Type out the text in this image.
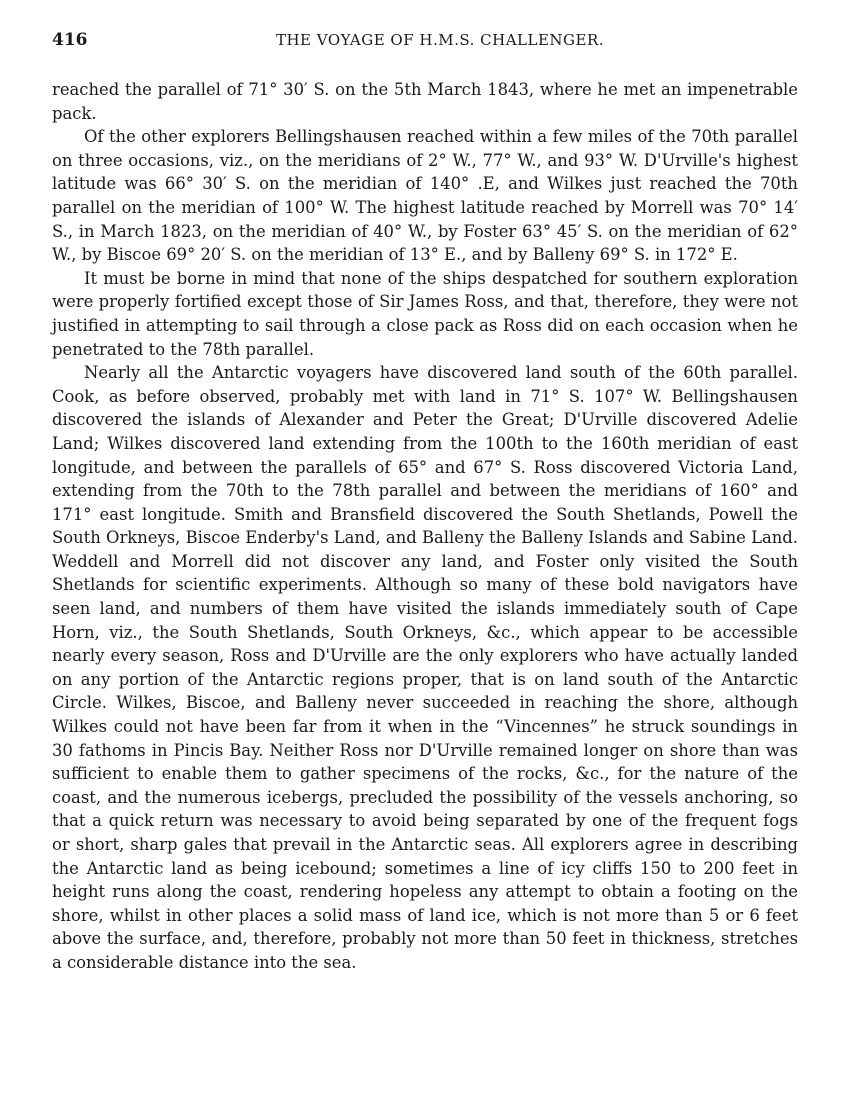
416	THE VOYAGE OF H.M.S. CHALLENGER.

reached the parallel of 71° 30′ S. on the 5th March 1843, where he met an impenetrable pack.

Of the other explorers Bellingshausen reached within a few miles of the 70th parallel on three occasions, viz., on the meridians of 2° W., 77° W., and 93° W. D'Urville's highest latitude was 66° 30′ S. on the meridian of 140° .E, and Wilkes just reached the 70th parallel on the meridian of 100° W. The highest latitude reached by Morrell was 70° 14′ S., in March 1823, on the meridian of 40° W., by Foster 63° 45′ S. on the meridian of 62° W., by Biscoe 69° 20′ S. on the meridian of 13° E., and by Balleny 69° S. in 172° E.

It must be borne in mind that none of the ships despatched for southern exploration were properly fortified except those of Sir James Ross, and that, therefore, they were not justified in attempting to sail through a close pack as Ross did on each occasion when he penetrated to the 78th parallel.

Nearly all the Antarctic voyagers have discovered land south of the 60th parallel. Cook, as before observed, probably met with land in 71° S. 107° W. Bellingshausen discovered the islands of Alexander and Peter the Great; D'Urville discovered Adelie Land; Wilkes discovered land extending from the 100th to the 160th meridian of east longitude, and between the parallels of 65° and 67° S. Ross discovered Victoria Land, extending from the 70th to the 78th parallel and between the meridians of 160° and 171° east longitude. Smith and Bransfield discovered the South Shetlands, Powell the South Orkneys, Biscoe Enderby's Land, and Balleny the Balleny Islands and Sabine Land. Weddell and Morrell did not discover any land, and Foster only visited the South Shetlands for scientific experiments. Although so many of these bold navigators have seen land, and numbers of them have visited the islands immediately south of Cape Horn, viz., the South Shetlands, South Orkneys, &c., which appear to be accessible nearly every season, Ross and D'Urville are the only explorers who have actually landed on any portion of the Antarctic regions proper, that is on land south of the Antarctic Circle. Wilkes, Biscoe, and Balleny never succeeded in reaching the shore, although Wilkes could not have been far from it when in the “Vincennes” he struck soundings in 30 fathoms in Pincis Bay. Neither Ross nor D'Urville remained longer on shore than was sufficient to enable them to gather specimens of the rocks, &c., for the nature of the coast, and the numerous icebergs, precluded the possibility of the vessels anchoring, so that a quick return was necessary to avoid being separated by one of the frequent fogs or short, sharp gales that prevail in the Antarctic seas. All explorers agree in describing the Antarctic land as being icebound; sometimes a line of icy cliffs 150 to 200 feet in height runs along the coast, rendering hopeless any attempt to obtain a footing on the shore, whilst in other places a solid mass of land ice, which is not more than 5 or 6 feet above the surface, and, therefore, probably not more than 50 feet in thickness, stretches a considerable distance into the sea.
